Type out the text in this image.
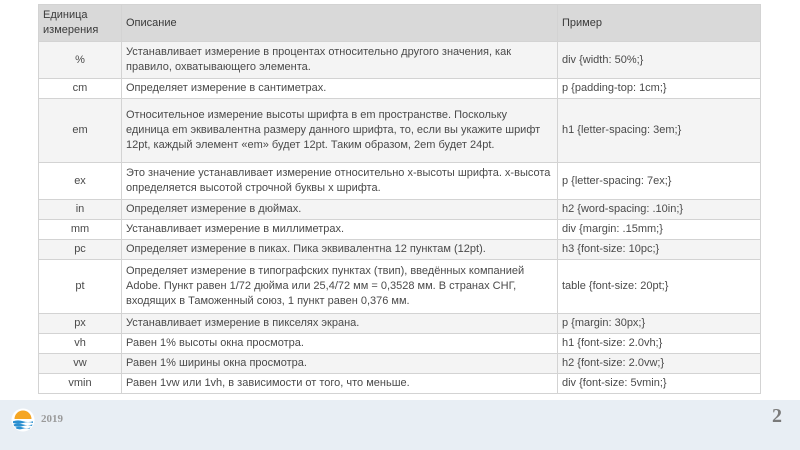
Единица измерения	Описание	Пример
%	Устанавливает измерение в процентах относительно другого значения, как правило, охватывающего элемента.	div {width: 50%;}
cm	Определяет измерение в сантиметрах.	p {padding-top: 1cm;}
em	Относительное измерение высоты шрифта в em пространстве. Поскольку единица em эквивалентна размеру данного шрифта, то, если вы укажите шрифт 12pt, каждый элемент «em» будет 12pt. Таким образом, 2em будет 24pt.	h1 {letter-spacing: 3em;}
ex	Это значение устанавливает измерение относительно x-высоты шрифта. x-высота определяется высотой строчной буквы x шрифта.	p {letter-spacing: 7ex;}
in	Определяет измерение в дюймах.	h2 {word-spacing: .10in;}
mm	Устанавливает измерение в миллиметрах.	div {margin: .15mm;}
pc	Определяет измерение в пиках. Пика эквивалентна 12 пунктам (12pt).	h3 {font-size: 10pc;}
pt	Определяет измерение в типографских пунктах (твип), введённых компанией Adobe. Пункт равен 1/72 дюйма или 25,4/72 мм = 0,3528 мм. В странах СНГ, входящих в Таможенный союз, 1 пункт равен 0,376 мм.	table {font-size: 20pt;}
px	Устанавливает измерение в пикселях экрана.	p {margin: 30px;}
vh	Равен 1% высоты окна просмотра.	h1 {font-size: 2.0vh;}
vw	Равен 1% ширины окна просмотра.	h2 {font-size: 2.0vw;}
vmin	Равен 1vw или 1vh, в зависимости от того, что меньше.	div {font-size: 5vmin;}
2019	2
